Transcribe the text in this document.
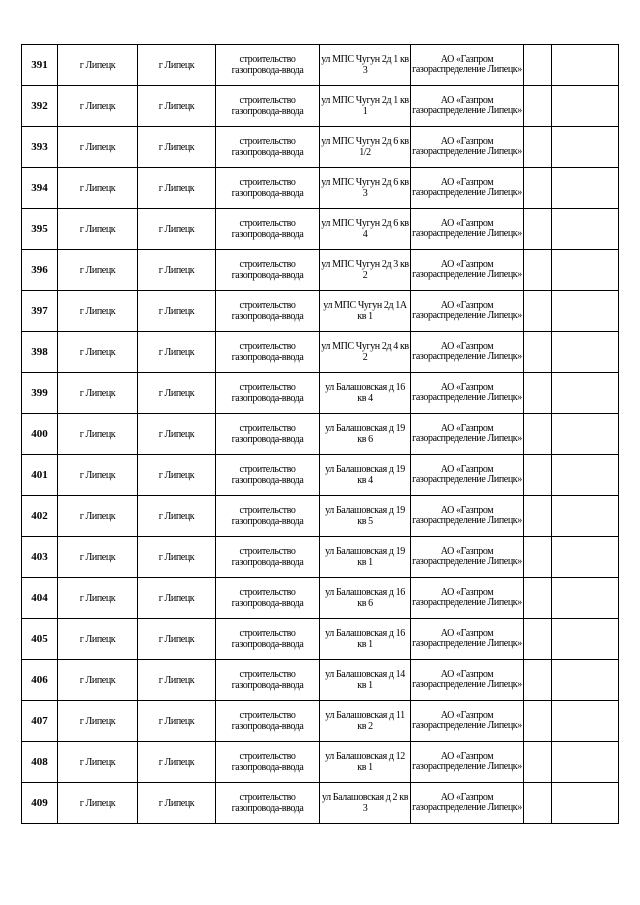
391	г Липецк	г Липецк	строительство газопровода-ввода	ул МПС Чугун 2д 1 кв 3	АО «Газпром газораспределение Липецк»		
392	г Липецк	г Липецк	строительство газопровода-ввода	ул МПС Чугун 2д 1 кв 1	АО «Газпром газораспределение Липецк»		
393	г Липецк	г Липецк	строительство газопровода-ввода	ул МПС Чугун 2д 6 кв 1/2	АО «Газпром газораспределение Липецк»		
394	г Липецк	г Липецк	строительство газопровода-ввода	ул МПС Чугун 2д 6 кв 3	АО «Газпром газораспределение Липецк»		
395	г Липецк	г Липецк	строительство газопровода-ввода	ул МПС Чугун 2д 6 кв 4	АО «Газпром газораспределение Липецк»		
396	г Липецк	г Липецк	строительство газопровода-ввода	ул МПС Чугун 2д 3 кв 2	АО «Газпром газораспределение Липецк»		
397	г Липецк	г Липецк	строительство газопровода-ввода	ул МПС Чугун 2д 1А кв 1	АО «Газпром газораспределение Липецк»		
398	г Липецк	г Липецк	строительство газопровода-ввода	ул МПС Чугун 2д 4 кв 2	АО «Газпром газораспределение Липецк»		
399	г Липецк	г Липецк	строительство газопровода-ввода	ул Балашовская д 16 кв 4	АО «Газпром газораспределение Липецк»		
400	г Липецк	г Липецк	строительство газопровода-ввода	ул Балашовская д 19 кв 6	АО «Газпром газораспределение Липецк»		
401	г Липецк	г Липецк	строительство газопровода-ввода	ул Балашовская д 19 кв 4	АО «Газпром газораспределение Липецк»		
402	г Липецк	г Липецк	строительство газопровода-ввода	ул Балашовская д 19 кв 5	АО «Газпром газораспределение Липецк»		
403	г Липецк	г Липецк	строительство газопровода-ввода	ул Балашовская д 19 кв 1	АО «Газпром газораспределение Липецк»		
404	г Липецк	г Липецк	строительство газопровода-ввода	ул Балашовская д 16 кв 6	АО «Газпром газораспределение Липецк»		
405	г Липецк	г Липецк	строительство газопровода-ввода	ул Балашовская д 16 кв 1	АО «Газпром газораспределение Липецк»		
406	г Липецк	г Липецк	строительство газопровода-ввода	ул Балашовская д 14 кв 1	АО «Газпром газораспределение Липецк»		
407	г Липецк	г Липецк	строительство газопровода-ввода	ул Балашовская д 11 кв 2	АО «Газпром газораспределение Липецк»		
408	г Липецк	г Липецк	строительство газопровода-ввода	ул Балашовская д 12 кв 1	АО «Газпром газораспределение Липецк»		
409	г Липецк	г Липецк	строительство газопровода-ввода	ул Балашовская д 2 кв 3	АО «Газпром газораспределение Липецк»		
